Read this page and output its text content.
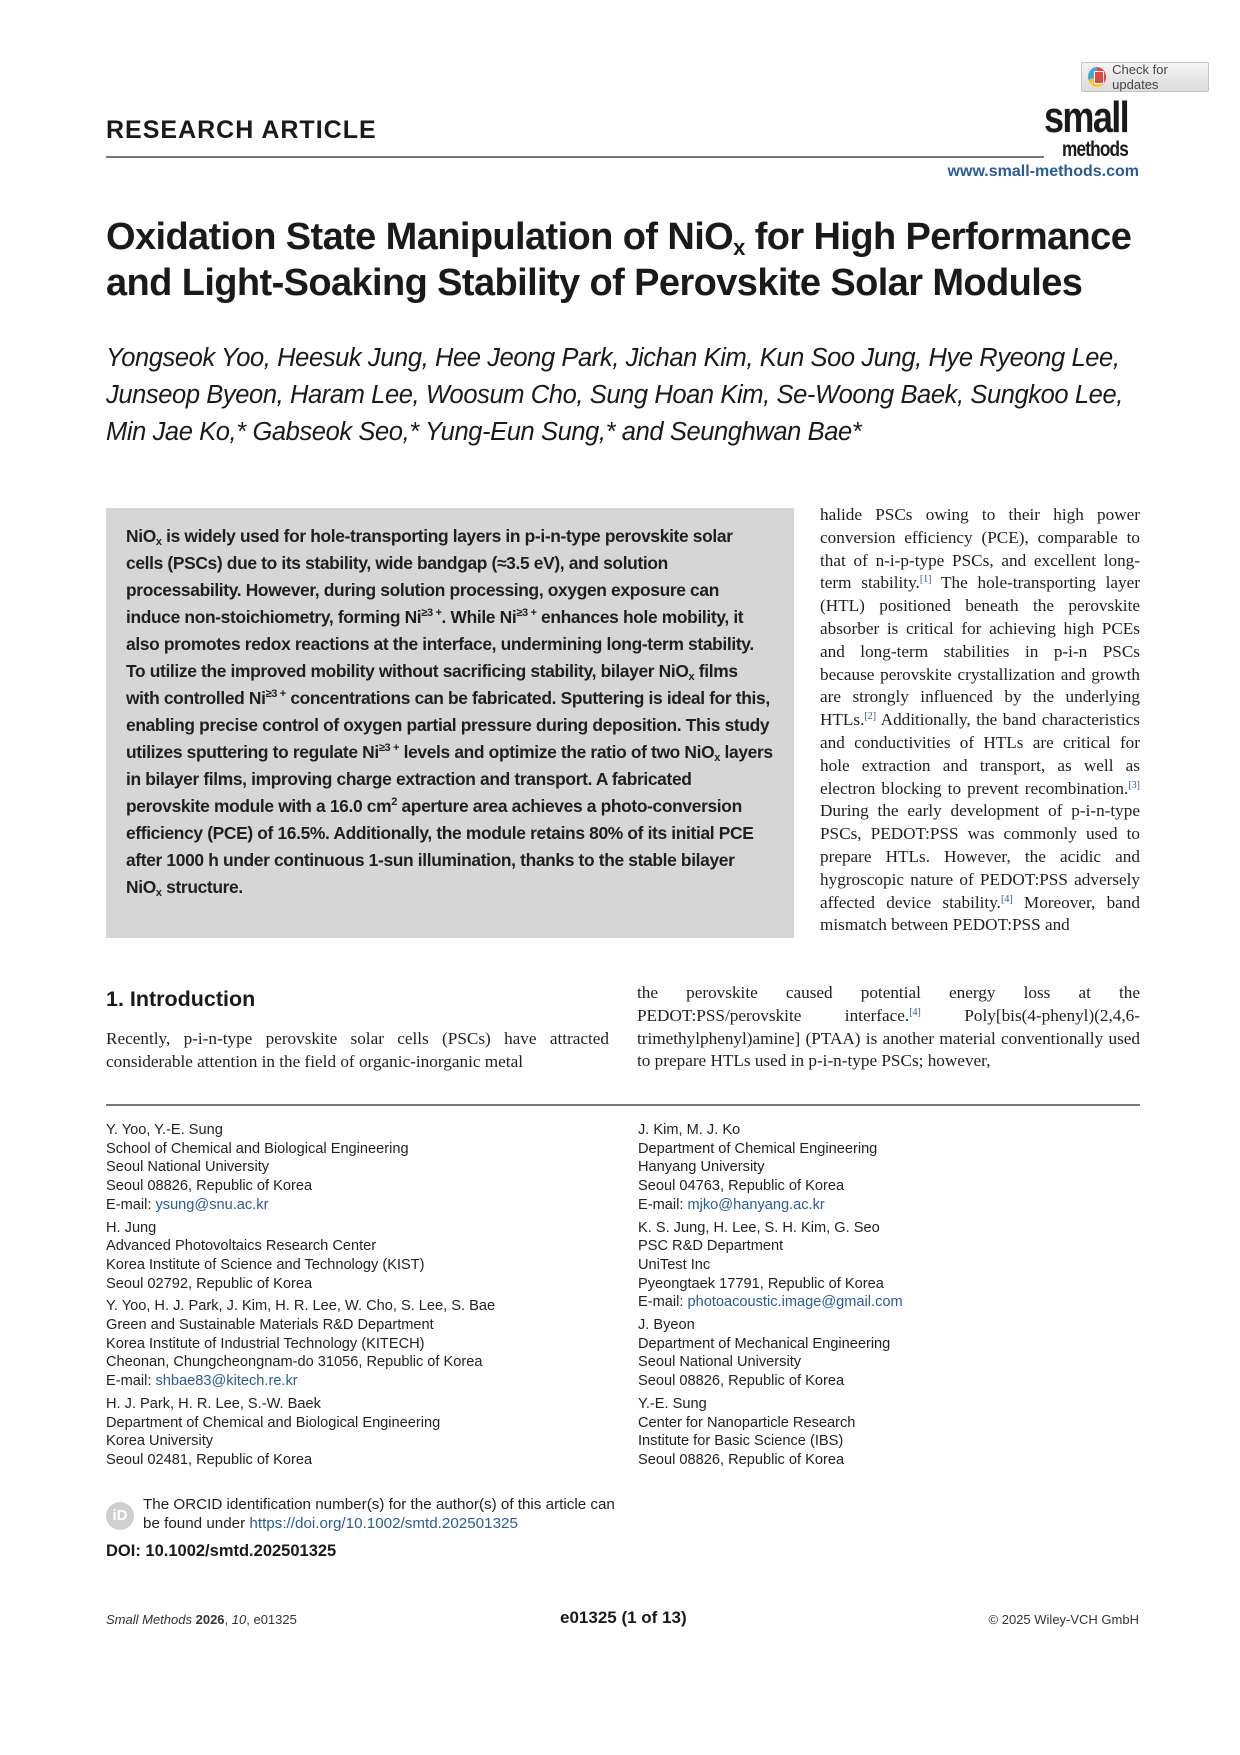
Check for updates
RESEARCH ARTICLE	small
methods
www.small-methods.com
Oxidation State Manipulation of NiO$_x$ for High Performance and Light-Soaking Stability of Perovskite Solar Modules
Yongseok Yoo, Heesuk Jung, Hee Jeong Park, Jichan Kim, Kun Soo Jung, Hye Ryeong Lee, Junseop Byeon, Haram Lee, Woosum Cho, Sung Hoan Kim, Se-Woong Baek, Sungkoo Lee, Min Jae Ko,* Gabseok Seo,* Yung-Eun Sung,* and Seunghwan Bae*
NiO$_x$ is widely used for hole-transporting layers in p-i-n-type perovskite solar cells (PSCs) due to its stability, wide bandgap (≈3.5 eV), and solution processability. However, during solution processing, oxygen exposure can induce non-stoichiometry, forming $Ni^{\ge 3 +}$. While $Ni^{\ge 3 +}$ enhances hole mobility, it also promotes redox reactions at the interface, undermining long-term stability. To utilize the improved mobility without sacrificing stability, bilayer NiO$_x$ films with controlled $Ni^{\ge 3 +}$ concentrations can be fabricated. Sputtering is ideal for this, enabling precise control of oxygen partial pressure during deposition. This study utilizes sputtering to regulate $Ni^{\ge 3 +}$ levels and optimize the ratio of two NiO$_x$ layers in bilayer films, improving charge extraction and transport. A fabricated perovskite module with a 16.0 $cm^2$ aperture area achieves a photo-conversion efficiency (PCE) of 16.5%. Additionally, the module retains 80% of its initial PCE after 1000 h under continuous 1-sun illumination, thanks to the stable bilayer NiO$_x$ structure.
halide PSCs owing to their high power conversion efficiency (PCE), comparable to that of n-i-p-type PSCs, and excellent long-term stability.[1] The hole-transporting layer (HTL) positioned beneath the perovskite absorber is critical for achieving high PCEs and long-term stabilities in p-i-n PSCs because perovskite crystallization and growth are strongly influenced by the underlying HTLs.[2] Additionally, the band characteristics and conductivities of HTLs are critical for hole extraction and transport, as well as electron blocking to prevent recombination.[3] During the early development of p-i-n-type PSCs, PEDOT:PSS was commonly used to prepare HTLs. However, the acidic and hygroscopic nature of PEDOT:PSS adversely affected device stability.[4] Moreover, band mismatch between PEDOT:PSS and
1. Introduction
Recently, p-i-n-type perovskite solar cells (PSCs) have attracted considerable attention in the field of organic-inorganic metal
the perovskite caused potential energy loss at the PEDOT:PSS/perovskite interface.[4] Poly[bis(4-phenyl)(2,4,6-trimethylphenyl)amine] (PTAA) is another material conventionally used to prepare HTLs used in p-i-n-type PSCs; however,
Y. Yoo, Y.-E. Sung
School of Chemical and Biological Engineering
Seoul National University
Seoul 08826, Republic of Korea
E-mail: ysung@snu.ac.kr
H. Jung
Advanced Photovoltaics Research Center
Korea Institute of Science and Technology (KIST)
Seoul 02792, Republic of Korea
Y. Yoo, H. J. Park, J. Kim, H. R. Lee, W. Cho, S. Lee, S. Bae
Green and Sustainable Materials R&D Department
Korea Institute of Industrial Technology (KITECH)
Cheonan, Chungcheongnam-do 31056, Republic of Korea
E-mail: shbae83@kitech.re.kr
H. J. Park, H. R. Lee, S.-W. Baek
Department of Chemical and Biological Engineering
Korea University
Seoul 02481, Republic of Korea
J. Kim, M. J. Ko
Department of Chemical Engineering
Hanyang University
Seoul 04763, Republic of Korea
E-mail: mjko@hanyang.ac.kr
K. S. Jung, H. Lee, S. H. Kim, G. Seo
PSC R&D Department
UniTest Inc
Pyeongtaek 17791, Republic of Korea
E-mail: photoacoustic.image@gmail.com
J. Byeon
Department of Mechanical Engineering
Seoul National University
Seoul 08826, Republic of Korea
Y.-E. Sung
Center for Nanoparticle Research
Institute for Basic Science (IBS)
Seoul 08826, Republic of Korea
iD
The ORCID identification number(s) for the author(s) of this article can be found under https://doi.org/10.1002/smtd.202501325
DOI: 10.1002/smtd.202501325
Small Methods 2026, 10, e01325	e01325 (1 of 13)	© 2025 Wiley-VCH GmbH
